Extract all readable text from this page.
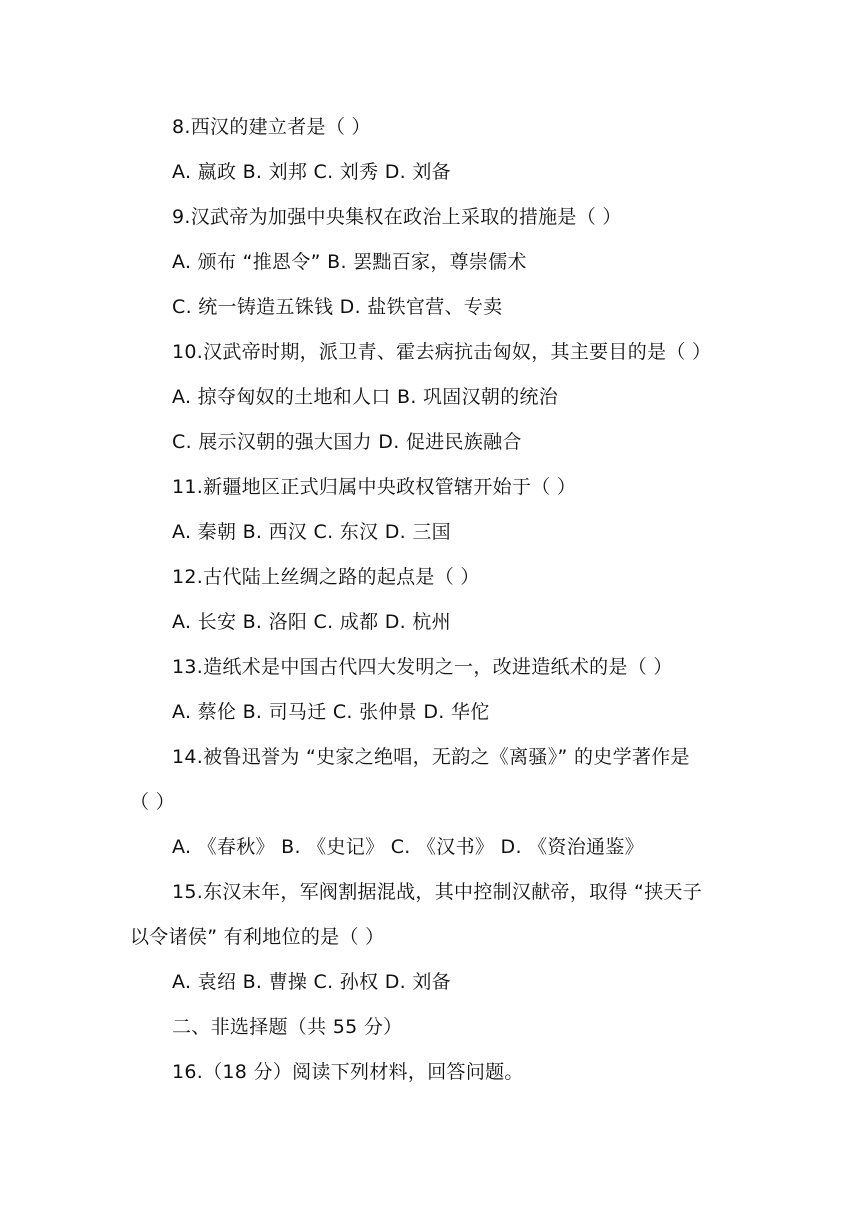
8.西汉的建立者是（ ）
A. 嬴政 B. 刘邦 C. 刘秀 D. 刘备
9.汉武帝为加强中央集权在政治上采取的措施是（ ）
A. 颁布 “推恩令” B. 罢黜百家，尊崇儒术
C. 统一铸造五铢钱 D. 盐铁官营、专卖
10.汉武帝时期，派卫青、霍去病抗击匈奴，其主要目的是（ ）
A. 掠夺匈奴的土地和人口 B. 巩固汉朝的统治
C. 展示汉朝的强大国力 D. 促进民族融合
11.新疆地区正式归属中央政权管辖开始于（ ）
A. 秦朝 B. 西汉 C. 东汉 D. 三国
12.古代陆上丝绸之路的起点是（ ）
A. 长安 B. 洛阳 C. 成都 D. 杭州
13.造纸术是中国古代四大发明之一，改进造纸术的是（ ）
A. 蔡伦 B. 司马迁 C. 张仲景 D. 华佗
14.被鲁迅誉为 “史家之绝唱，无韵之《离骚》” 的史学著作是
（ ）
A. 《春秋》 B. 《史记》 C. 《汉书》 D. 《资治通鉴》
15.东汉末年，军阀割据混战，其中控制汉献帝，取得 “挟天子
以令诸侯” 有利地位的是（ ）
A. 袁绍 B. 曹操 C. 孙权 D. 刘备
二、非选择题（共 55 分）
16.（18 分）阅读下列材料，回答问题。
